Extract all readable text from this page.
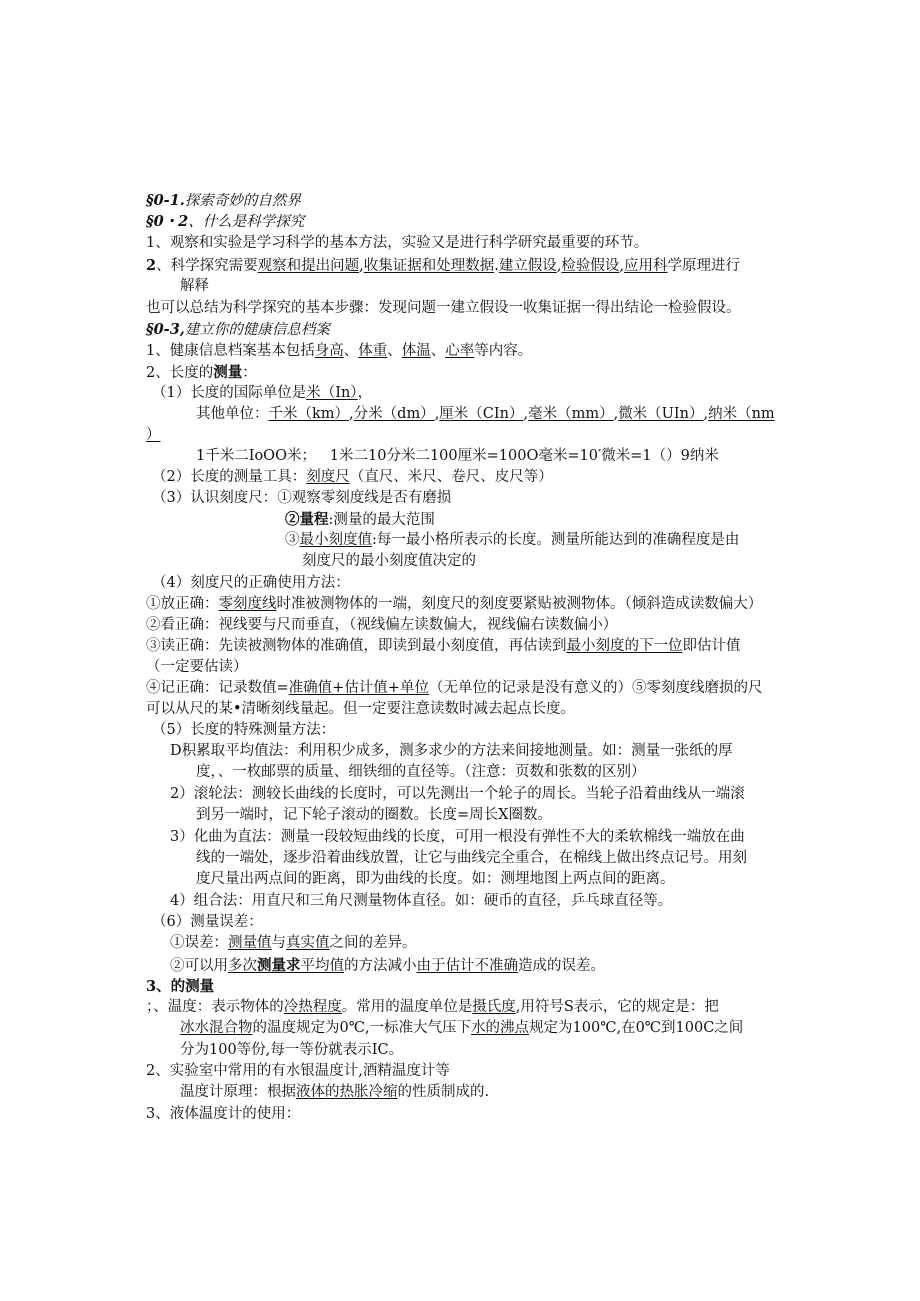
§0-1.探索奇妙的自然界
§0・2、什么是科学探究
1、观察和实验是学习科学的基本方法，实验又是进行科学研究最重要的环节。
2、科学探究需要观察和提出问题,收集证据和处理数据.建立假设,检验假设,应用科学原理进行
解释
也可以总结为科学探究的基本步骤：发现问题一建立假设一收集证据一得出结论一检验假设。
§0-3,建立你的健康信息档案
1、健康信息档案基本包括身高、体重、体温、心率等内容。
2、长度的测量：
（1）长度的国际单位是米（In），
其他单位：千米（km）,分米（dm）,厘米（CIn）,毫米（mm）,微米（UIn）,纳米（nm
）
1千米二IoOO米；   1米二10分米二100厘米=100O毫米=10′微米=1（）9纳米
（2）长度的测量工具：刻度尺（直尺、米尺、卷尺、皮尺等）
（3）认识刻度尺：①观察零刻度线是否有磨损
②量程:测量的最大范围
③最小刻度值:每一最小格所表示的长度。测量所能达到的准确程度是由
刻度尺的最小刻度值决定的
（4）刻度尺的正确使用方法：
①放正确：零刻度线时准被测物体的一端，刻度尺的刻度要紧贴被测物体。（倾斜造成读数偏大）
②看正确：视线要与尺而垂直，（视线偏左读数偏大，视线偏右读数偏小）
③读正确：先读被测物体的准确值，即读到最小刻度值，再估读到最小刻度的下一位即估计值
（一定要估读）
④记正确：记录数值=准确值+估计值+单位（无单位的记录是没有意义的）⑤零刻度线磨损的尺
可以从尺的某•清晰刻线量起。但一定要注意读数时减去起点长度。
（5）长度的特殊测量方法：
D积累取平均值法：利用积少成多，测多求少的方法来间接地测量。如：测量一张纸的厚
度，、一枚邮票的质量、细铁细的直径等。（注意：页数和张数的区别）
2）滚轮法：测较长曲线的长度时，可以先测出一个轮子的周长。当轮子沿着曲线从一端滚
到另一端时，记下轮子滚动的圈数。长度=周长X圈数。
3）化曲为直法：测量一段较短曲线的长度，可用一根没有弹性不大的柔软棉线一端放在曲
线的一端处，逐步沿着曲线放置，让它与曲线完全重合，在棉线上做出终点记号。用刻
度尺量出两点间的距离，即为曲线的长度。如：测埋地图上两点间的距离。
4）组合法：用直尺和三角尺测量物体直径。如：硬币的直径，乒乓球直径等。
（6）测量误差：
①误差：测量值与真实值之间的差异。
②可以用多次测量求平均值的方法减小由于估计不准确造成的误差。
3、的测量
；、温度：表示物体的冷热程度。常用的温度单位是摄氏度,用符号S表示，它的规定是：把
冰水混合物的温度规定为0℃,一标准大气压下水的沸点规定为100℃,在0℃到100C之间
分为100等份,每一等份就表示IC。
2、实验室中常用的有水银温度计,酒精温度计等
温度计原理：根据液体的热胀冷缩的性质制成的.
3、液体温度计的使用：
